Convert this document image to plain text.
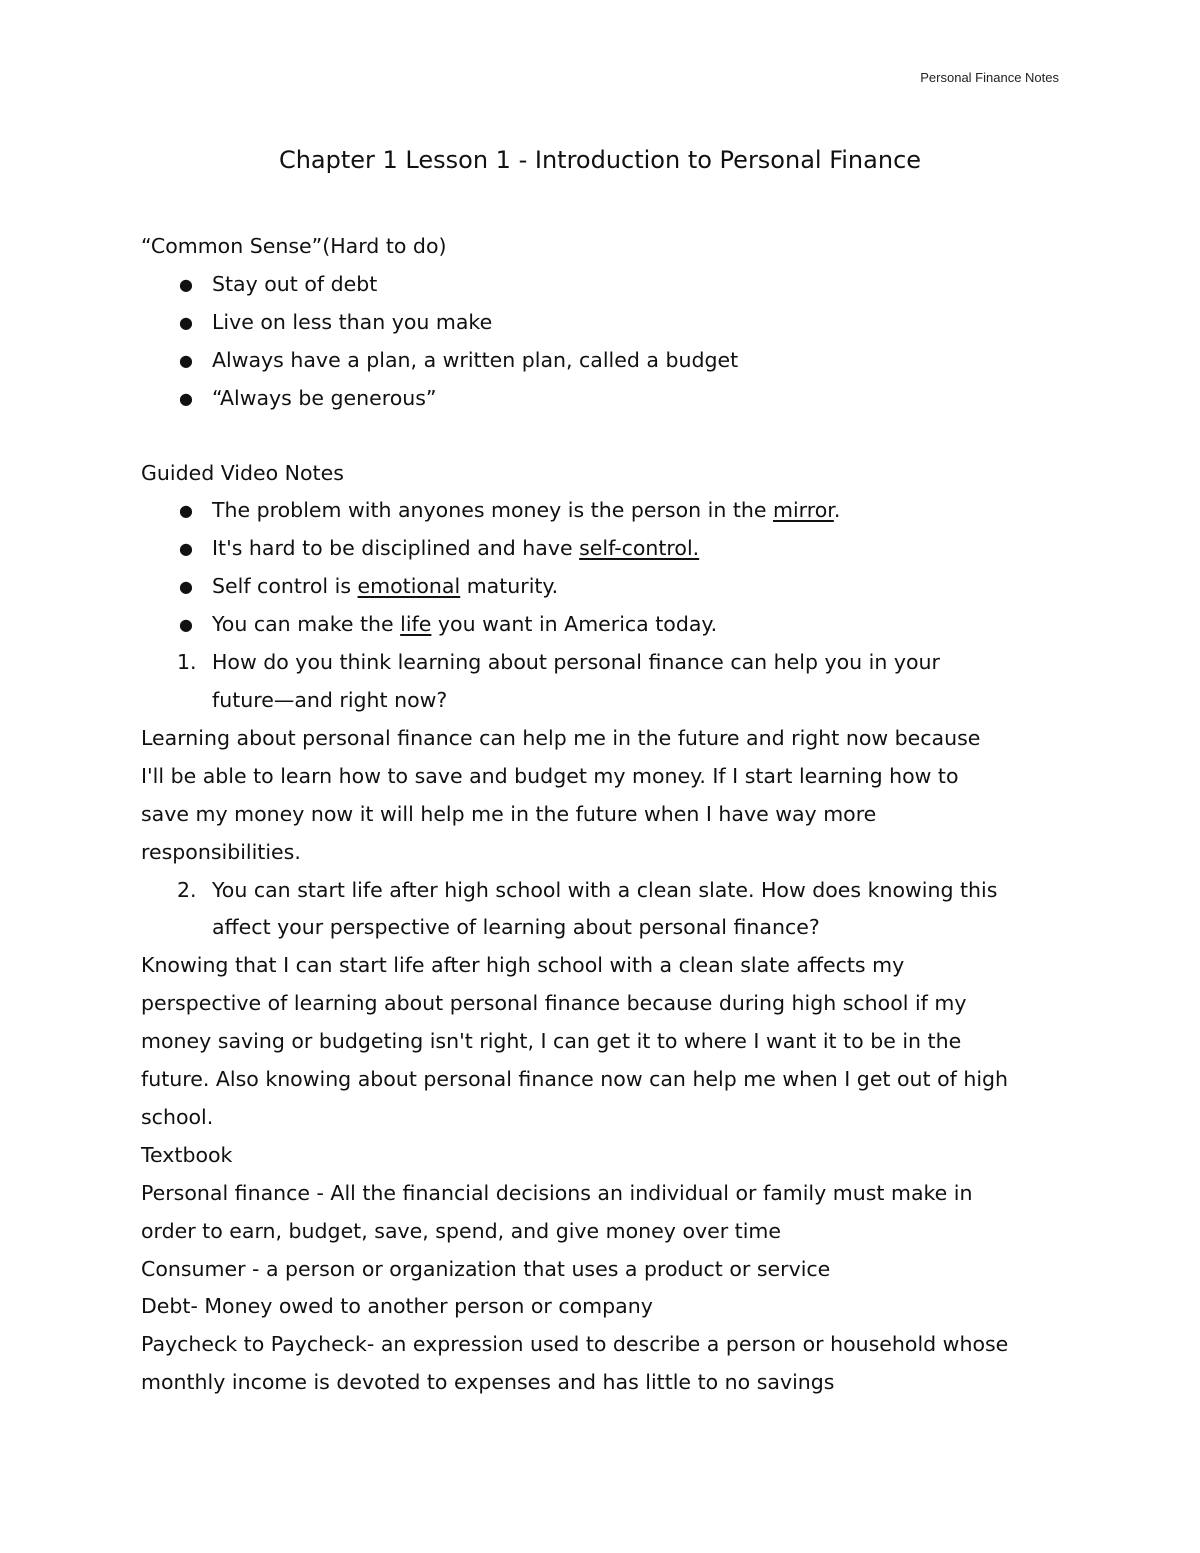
Personal Finance Notes
Chapter 1 Lesson 1 - Introduction to Personal Finance
“Common Sense”(Hard to do)
● Stay out of debt
● Live on less than you make
● Always have a plan, a written plan, called a budget
● “Always be generous”
Guided Video Notes
● The problem with anyones money is the person in the mirror.
● It's hard to be disciplined and have self-control.
● Self control is emotional maturity.
● You can make the life you want in America today.
1. How do you think learning about personal finance can help you in your
future—and right now?
Learning about personal finance can help me in the future and right now because
I'll be able to learn how to save and budget my money. If I start learning how to
save my money now it will help me in the future when I have way more
responsibilities.
2. You can start life after high school with a clean slate. How does knowing this
affect your perspective of learning about personal finance?
Knowing that I can start life after high school with a clean slate affects my
perspective of learning about personal finance because during high school if my
money saving or budgeting isn't right, I can get it to where I want it to be in the
future. Also knowing about personal finance now can help me when I get out of high
school.
Textbook
Personal finance - All the financial decisions an individual or family must make in
order to earn, budget, save, spend, and give money over time
Consumer - a person or organization that uses a product or service
Debt- Money owed to another person or company
Paycheck to Paycheck- an expression used to describe a person or household whose
monthly income is devoted to expenses and has little to no savings
